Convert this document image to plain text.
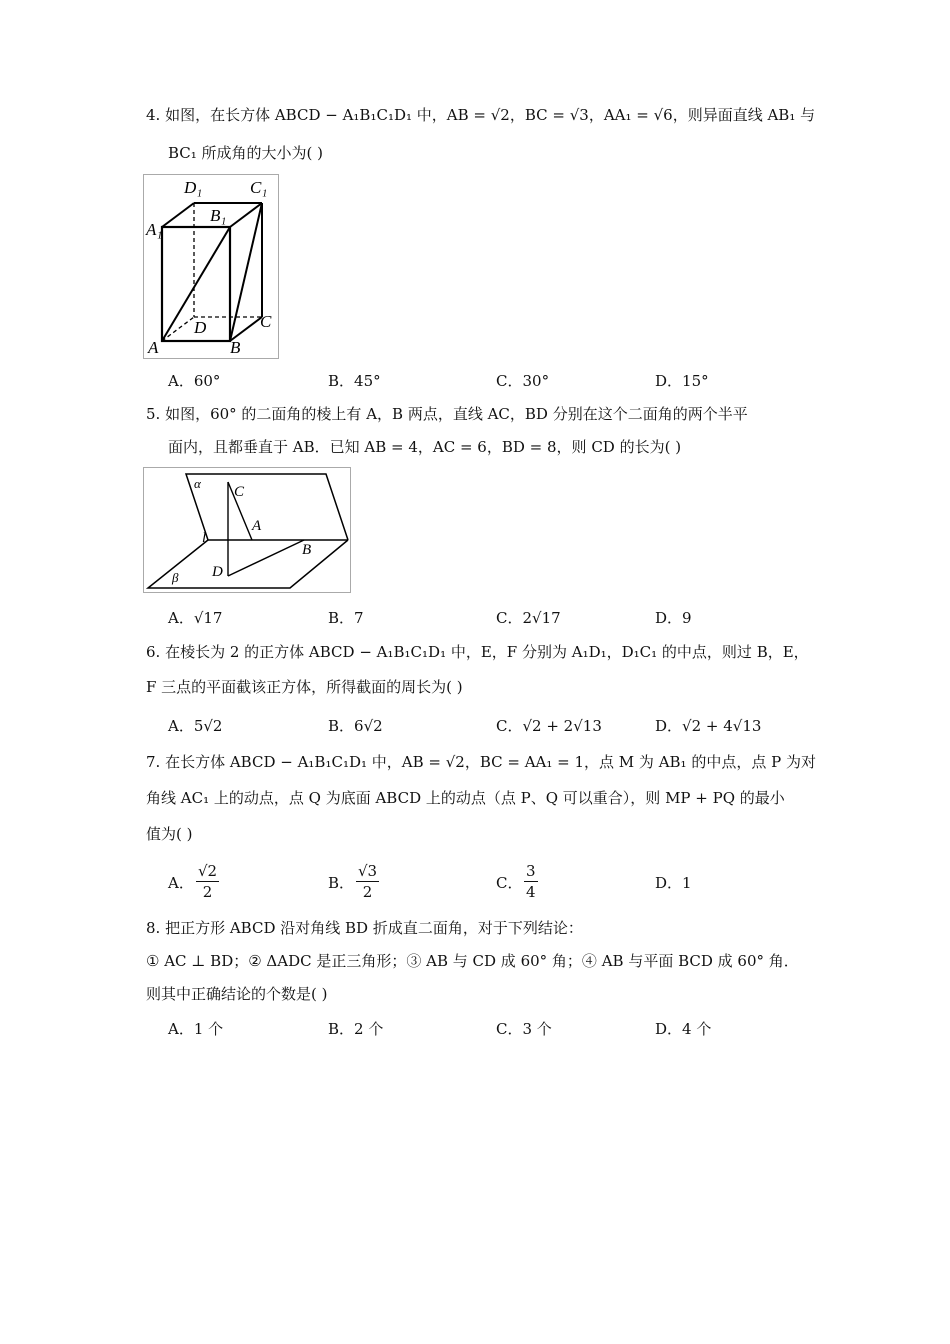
4. 如图，在长方体 ABCD − A₁B₁C₁D₁ 中，AB = √2，BC = √3，AA₁ = √6，则异面直线 AB₁ 与
BC₁ 所成角的大小为( )
D₁	C₁
A₁
B₁
D	C
A	B
A．60°	B．45°	C．30°	D．15°
5. 如图，60° 的二面角的棱上有 A，B 两点，直线 AC，BD 分别在这个二面角的两个半平
面内，且都垂直于 AB．已知 AB = 4，AC = 6，BD = 8，则 CD 的长为( )
α
β
l
C
A
B
D
A．√17	B．7	C．2√17	D．9
6. 在棱长为 2 的正方体 ABCD − A₁B₁C₁D₁ 中，E，F 分别为 A₁D₁，D₁C₁ 的中点，则过 B，E，
F 三点的平面截该正方体，所得截面的周长为( )
A．5√2	B．6√2	C．√2 + 2√13	D．√2 + 4√13
7. 在长方体 ABCD − A₁B₁C₁D₁ 中，AB = √2，BC = AA₁ = 1，点 M 为 AB₁ 的中点，点 P 为对
角线 AC₁ 上的动点，点 Q 为底面 ABCD 上的动点（点 P、Q 可以重合），则 MP + PQ 的最小
值为( )
A． $\frac{√2}{2}$	B． $\frac{√3}{2}$	C． $\frac{3}{4}$	D．1
8. 把正方形 ABCD 沿对角线 BD 折成直二面角，对于下列结论：
① AC ⊥ BD；② ΔADC 是正三角形；③ AB 与 CD 成 60° 角；④ AB 与平面 BCD 成 60° 角．
则其中正确结论的个数是( )
A．1 个	B．2 个	C．3 个	D．4 个
